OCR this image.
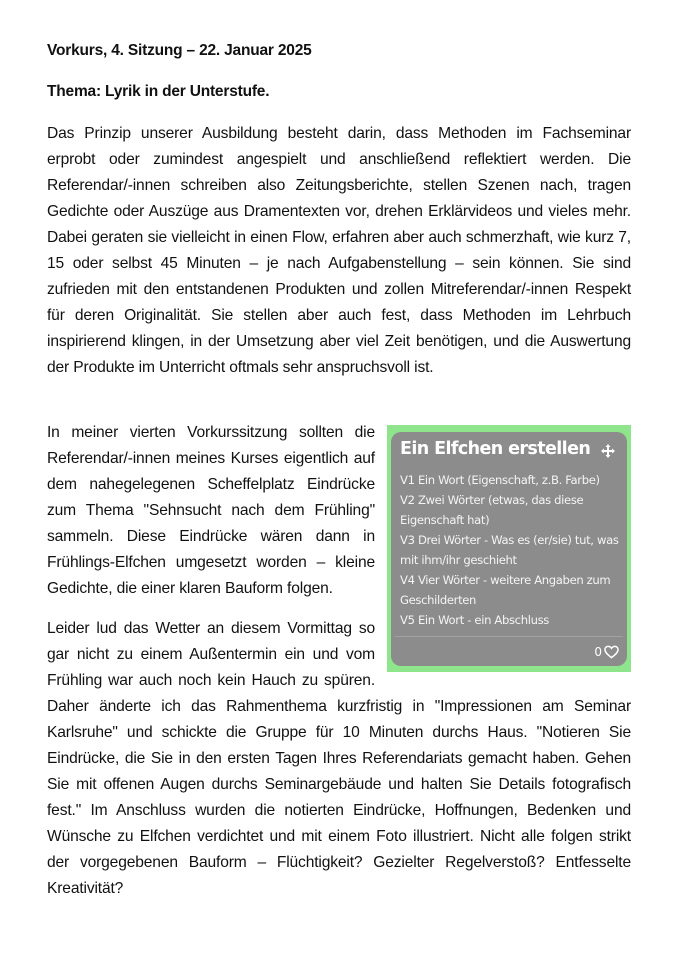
Vorkurs, 4. Sitzung – 22. Januar 2025
Thema: Lyrik in der Unterstufe.

Das Prinzip unserer Ausbildung besteht darin, dass Methoden im Fachseminar erprobt oder zumindest angespielt und anschließend reflektiert werden. Die Referendar/-innen schreiben also Zeitungsberichte, stellen Szenen nach, tragen Gedichte oder Auszüge aus Dramentexten vor, drehen Erklärvideos und vieles mehr. Dabei geraten sie vielleicht in einen Flow, erfahren aber auch schmerzhaft, wie kurz 7, 15 oder selbst 45 Minuten – je nach Aufgabenstellung – sein können. Sie sind zufrieden mit den entstandenen Produkten und zollen Mitreferendar/-innen Respekt für deren Originalität. Sie stellen aber auch fest, dass Methoden im Lehrbuch inspirierend klingen, in der Umsetzung aber viel Zeit benötigen, und die Auswertung der Produkte im Unterricht oftmals sehr anspruchsvoll ist.

Ein Elfchen erstellen
V1 Ein Wort (Eigenschaft, z.B. Farbe)
V2 Zwei Wörter (etwas, das diese Eigenschaft hat)
V3 Drei Wörter - Was es (er/sie) tut, was mit ihm/ihr geschieht
V4 Vier Wörter - weitere Angaben zum Geschilderten
V5 Ein Wort - ein Abschluss
0

In meiner vierten Vorkurssitzung sollten die Referendar/-innen meines Kurses eigentlich auf dem nahegelegenen Scheffelplatz Eindrücke zum Thema "Sehnsucht nach dem Frühling" sammeln. Diese Eindrücke wären dann in Frühlings-Elfchen umgesetzt worden – kleine Gedichte, die einer klaren Bauform folgen.

Leider lud das Wetter an diesem Vormittag so gar nicht zu einem Außentermin ein und vom Frühling war auch noch kein Hauch zu spüren. Daher änderte ich das Rahmenthema kurzfristig in "Impressionen am Seminar Karlsruhe" und schickte die Gruppe für 10 Minuten durchs Haus. "Notieren Sie Eindrücke, die Sie in den ersten Tagen Ihres Referendariats gemacht haben. Gehen Sie mit offenen Augen durchs Seminargebäude und halten Sie Details fotografisch fest." Im Anschluss wurden die notierten Eindrücke, Hoffnungen, Bedenken und Wünsche zu Elfchen verdichtet und mit einem Foto illustriert. Nicht alle folgen strikt der vorgegebenen Bauform – Flüchtigkeit? Gezielter Regelverstoß? Entfesselte Kreativität?
